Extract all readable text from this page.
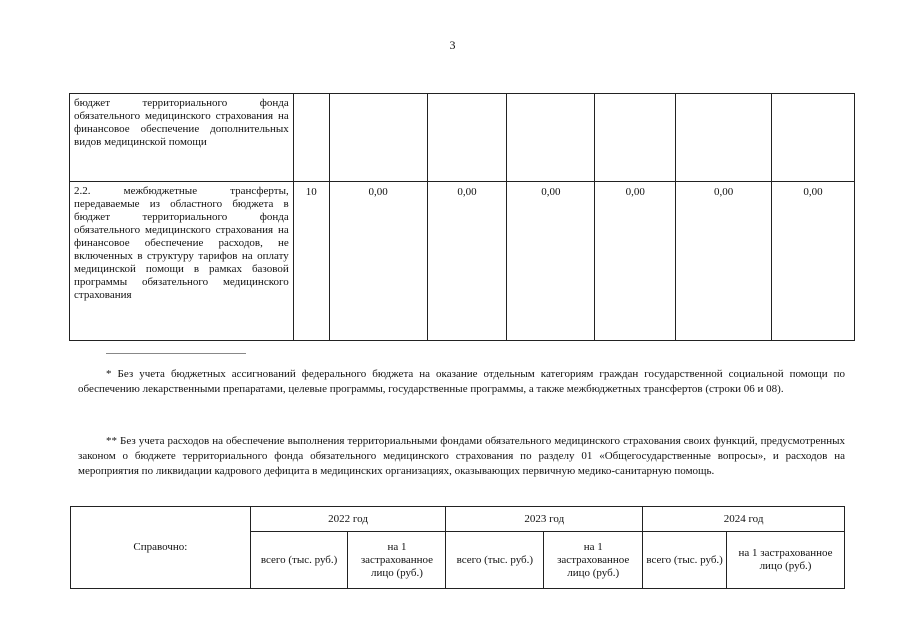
3
бюджет территориального фонда обязательного медицинского страхования на финансовое обеспечение дополнительных видов медицинской помощи							
2.2. межбюджетные трансферты, передаваемые из областного бюджета в бюджет территориального фонда обязательного медицинского страхования на финансовое обеспечение расходов, не включенных в структуру тарифов на оплату медицинской помощи в рамках базовой программы обязательного медицинского страхования	10	0,00	0,00	0,00	0,00	0,00	0,00

* Без учета бюджетных ассигнований федерального бюджета на оказание отдельным категориям граждан государственной социальной помощи по обеспечению лекарственными препаратами, целевые программы, государственные программы, а также межбюджетных трансфертов (строки 06 и 08).

** Без учета расходов на обеспечение выполнения территориальными фондами обязательного медицинского страхования своих функций, предусмотренных законом о бюджете территориального фонда обязательного медицинского страхования по разделу 01 «Общегосударственные вопросы», и расходов на мероприятия по ликвидации кадрового дефицита в медицинских организациях, оказывающих первичную медико-санитарную помощь.

Справочно:	2022 год		2023 год		2024 год	
	всего (тыс. руб.)	на 1 застрахованное лицо (руб.)	всего (тыс. руб.)	на 1 застрахованное лицо (руб.)	всего (тыс. руб.)	на 1 застрахованное лицо (руб.)
